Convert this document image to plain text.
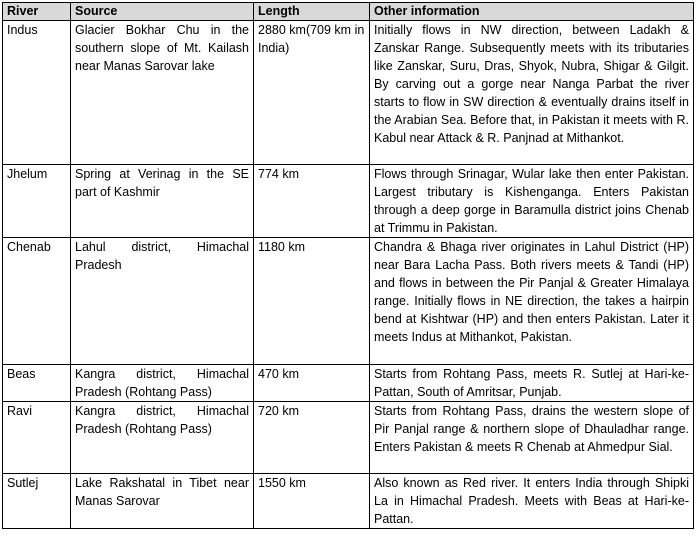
River	Source	Length	Other information
Indus	Glacier Bokhar Chu in the southern slope of Mt. Kailash near Manas Sarovar lake	2880 km(709 km in India)	Initially flows in NW direction, between Ladakh & Zanskar Range. Subsequently meets with its tributaries like Zanskar, Suru, Dras, Shyok, Nubra, Shigar & Gilgit. By carving out a gorge near Nanga Parbat the river starts to flow in SW direction & eventually drains itself in the Arabian Sea. Before that, in Pakistan it meets with R. Kabul near Attack & R. Panjnad at Mithankot.
Jhelum	Spring at Verinag in the SE part of Kashmir	774 km	Flows through Srinagar, Wular lake then enter Pakistan. Largest tributary is Kishenganga. Enters Pakistan through a deep gorge in Baramulla district joins Chenab at Trimmu in Pakistan.
Chenab	Lahul district, Himachal Pradesh	1180 km	Chandra & Bhaga river originates in Lahul District (HP) near Bara Lacha Pass. Both rivers meets & Tandi (HP) and flows in between the Pir Panjal & Greater Himalaya range. Initially flows in NE direction, the takes a hairpin bend at Kishtwar (HP) and then enters Pakistan. Later it meets Indus at Mithankot, Pakistan.
Beas	Kangra district, Himachal Pradesh (Rohtang Pass)	470 km	Starts from Rohtang Pass, meets R. Sutlej at Hari-ke-Pattan, South of Amritsar, Punjab.
Ravi	Kangra district, Himachal Pradesh (Rohtang Pass)	720 km	Starts from Rohtang Pass, drains the western slope of Pir Panjal range & northern slope of Dhauladhar range. Enters Pakistan & meets R Chenab at Ahmedpur Sial.
Sutlej	Lake Rakshatal in Tibet near Manas Sarovar	1550 km	Also known as Red river. It enters India through Shipki La in Himachal Pradesh. Meets with Beas at Hari-ke-Pattan.
